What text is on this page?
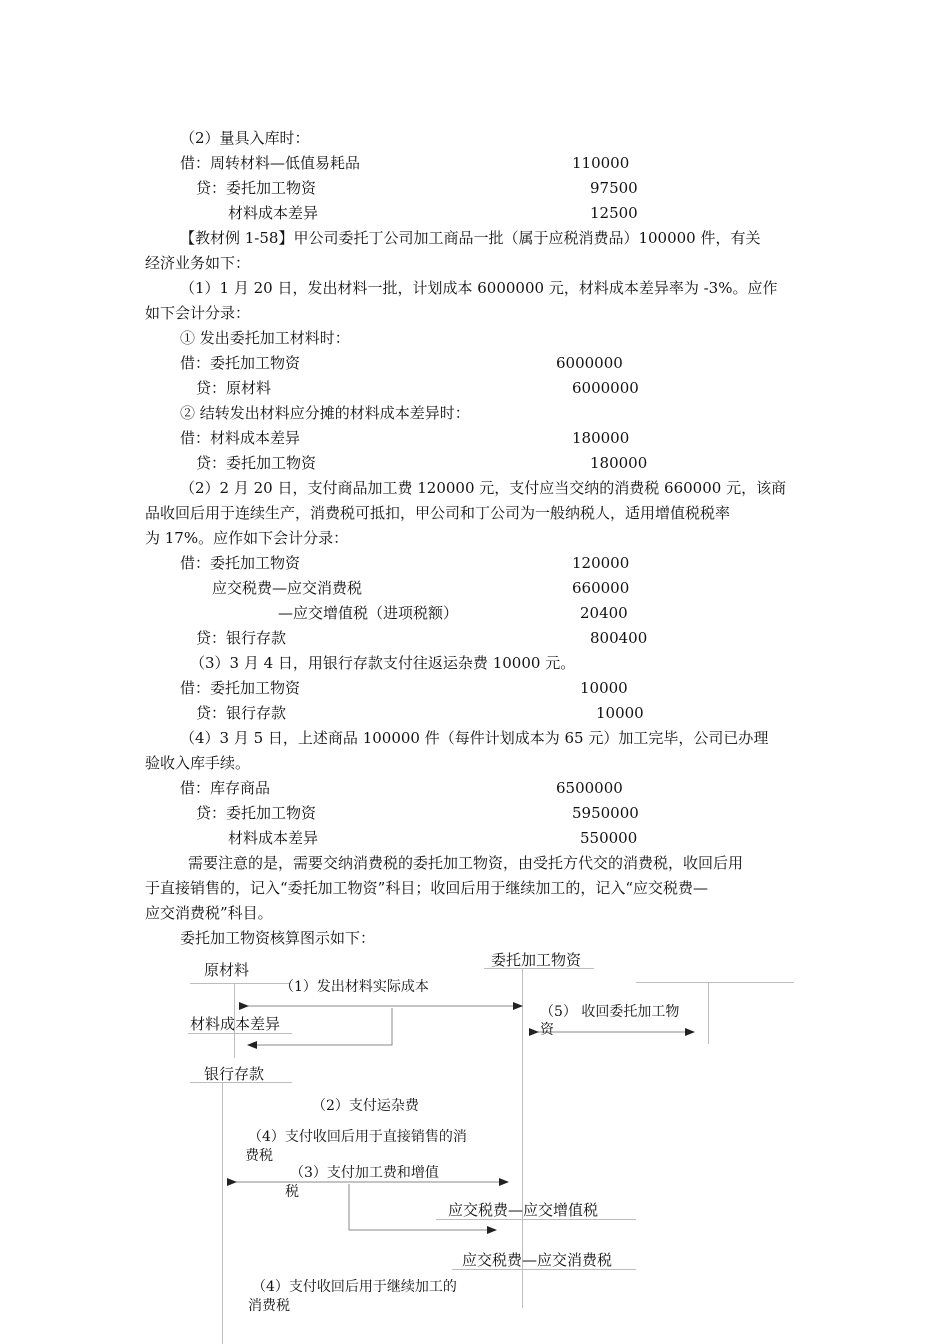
（2）量具入库时：
借：周转材料—低值易耗品	110000
贷：委托加工物资	97500
材料成本差异	12500
【教材例 1-58】甲公司委托丁公司加工商品一批（属于应税消费品）100000 件，有关
经济业务如下：
（1）1 月 20 日，发出材料一批，计划成本 6000000 元，材料成本差异率为 -3%。应作
如下会计分录：
① 发出委托加工材料时：
借：委托加工物资	6000000
贷：原材料	6000000
② 结转发出材料应分摊的材料成本差异时：
借：材料成本差异	180000
贷：委托加工物资	180000
（2）2 月 20 日，支付商品加工费 120000 元，支付应当交纳的消费税 660000 元，该商
品收回后用于连续生产，消费税可抵扣，甲公司和丁公司为一般纳税人，适用增值税税率
为 17%。应作如下会计分录：
借：委托加工物资	120000
应交税费—应交消费税	660000
—应交增值税（进项税额）	20400
贷：银行存款	800400
（3）3 月 4 日，用银行存款支付往返运杂费 10000 元。
借：委托加工物资	10000
贷：银行存款	10000
（4）3 月 5 日，上述商品 100000 件（每件计划成本为 65 元）加工完毕，公司已办理
验收入库手续。
借：库存商品	6500000
贷：委托加工物资	5950000
材料成本差异	550000
需要注意的是，需要交纳消费税的委托加工物资，由受托方代交的消费税，收回后用
于直接销售的，记入“委托加工物资”科目；收回后用于继续加工的，记入“应交税费—
应交消费税”科目。
委托加工物资核算图示如下：
原材料
委托加工物资
材料成本差异
银行存款
应交税费—应交增值税
应交税费—应交消费税
（1）发出材料实际成本
（5） 收回委托加工物
资
（2）支付运杂费
（4）支付收回后用于直接销售的消
费税
（3）支付加工费和增值
税
（4）支付收回后用于继续加工的
消费税
